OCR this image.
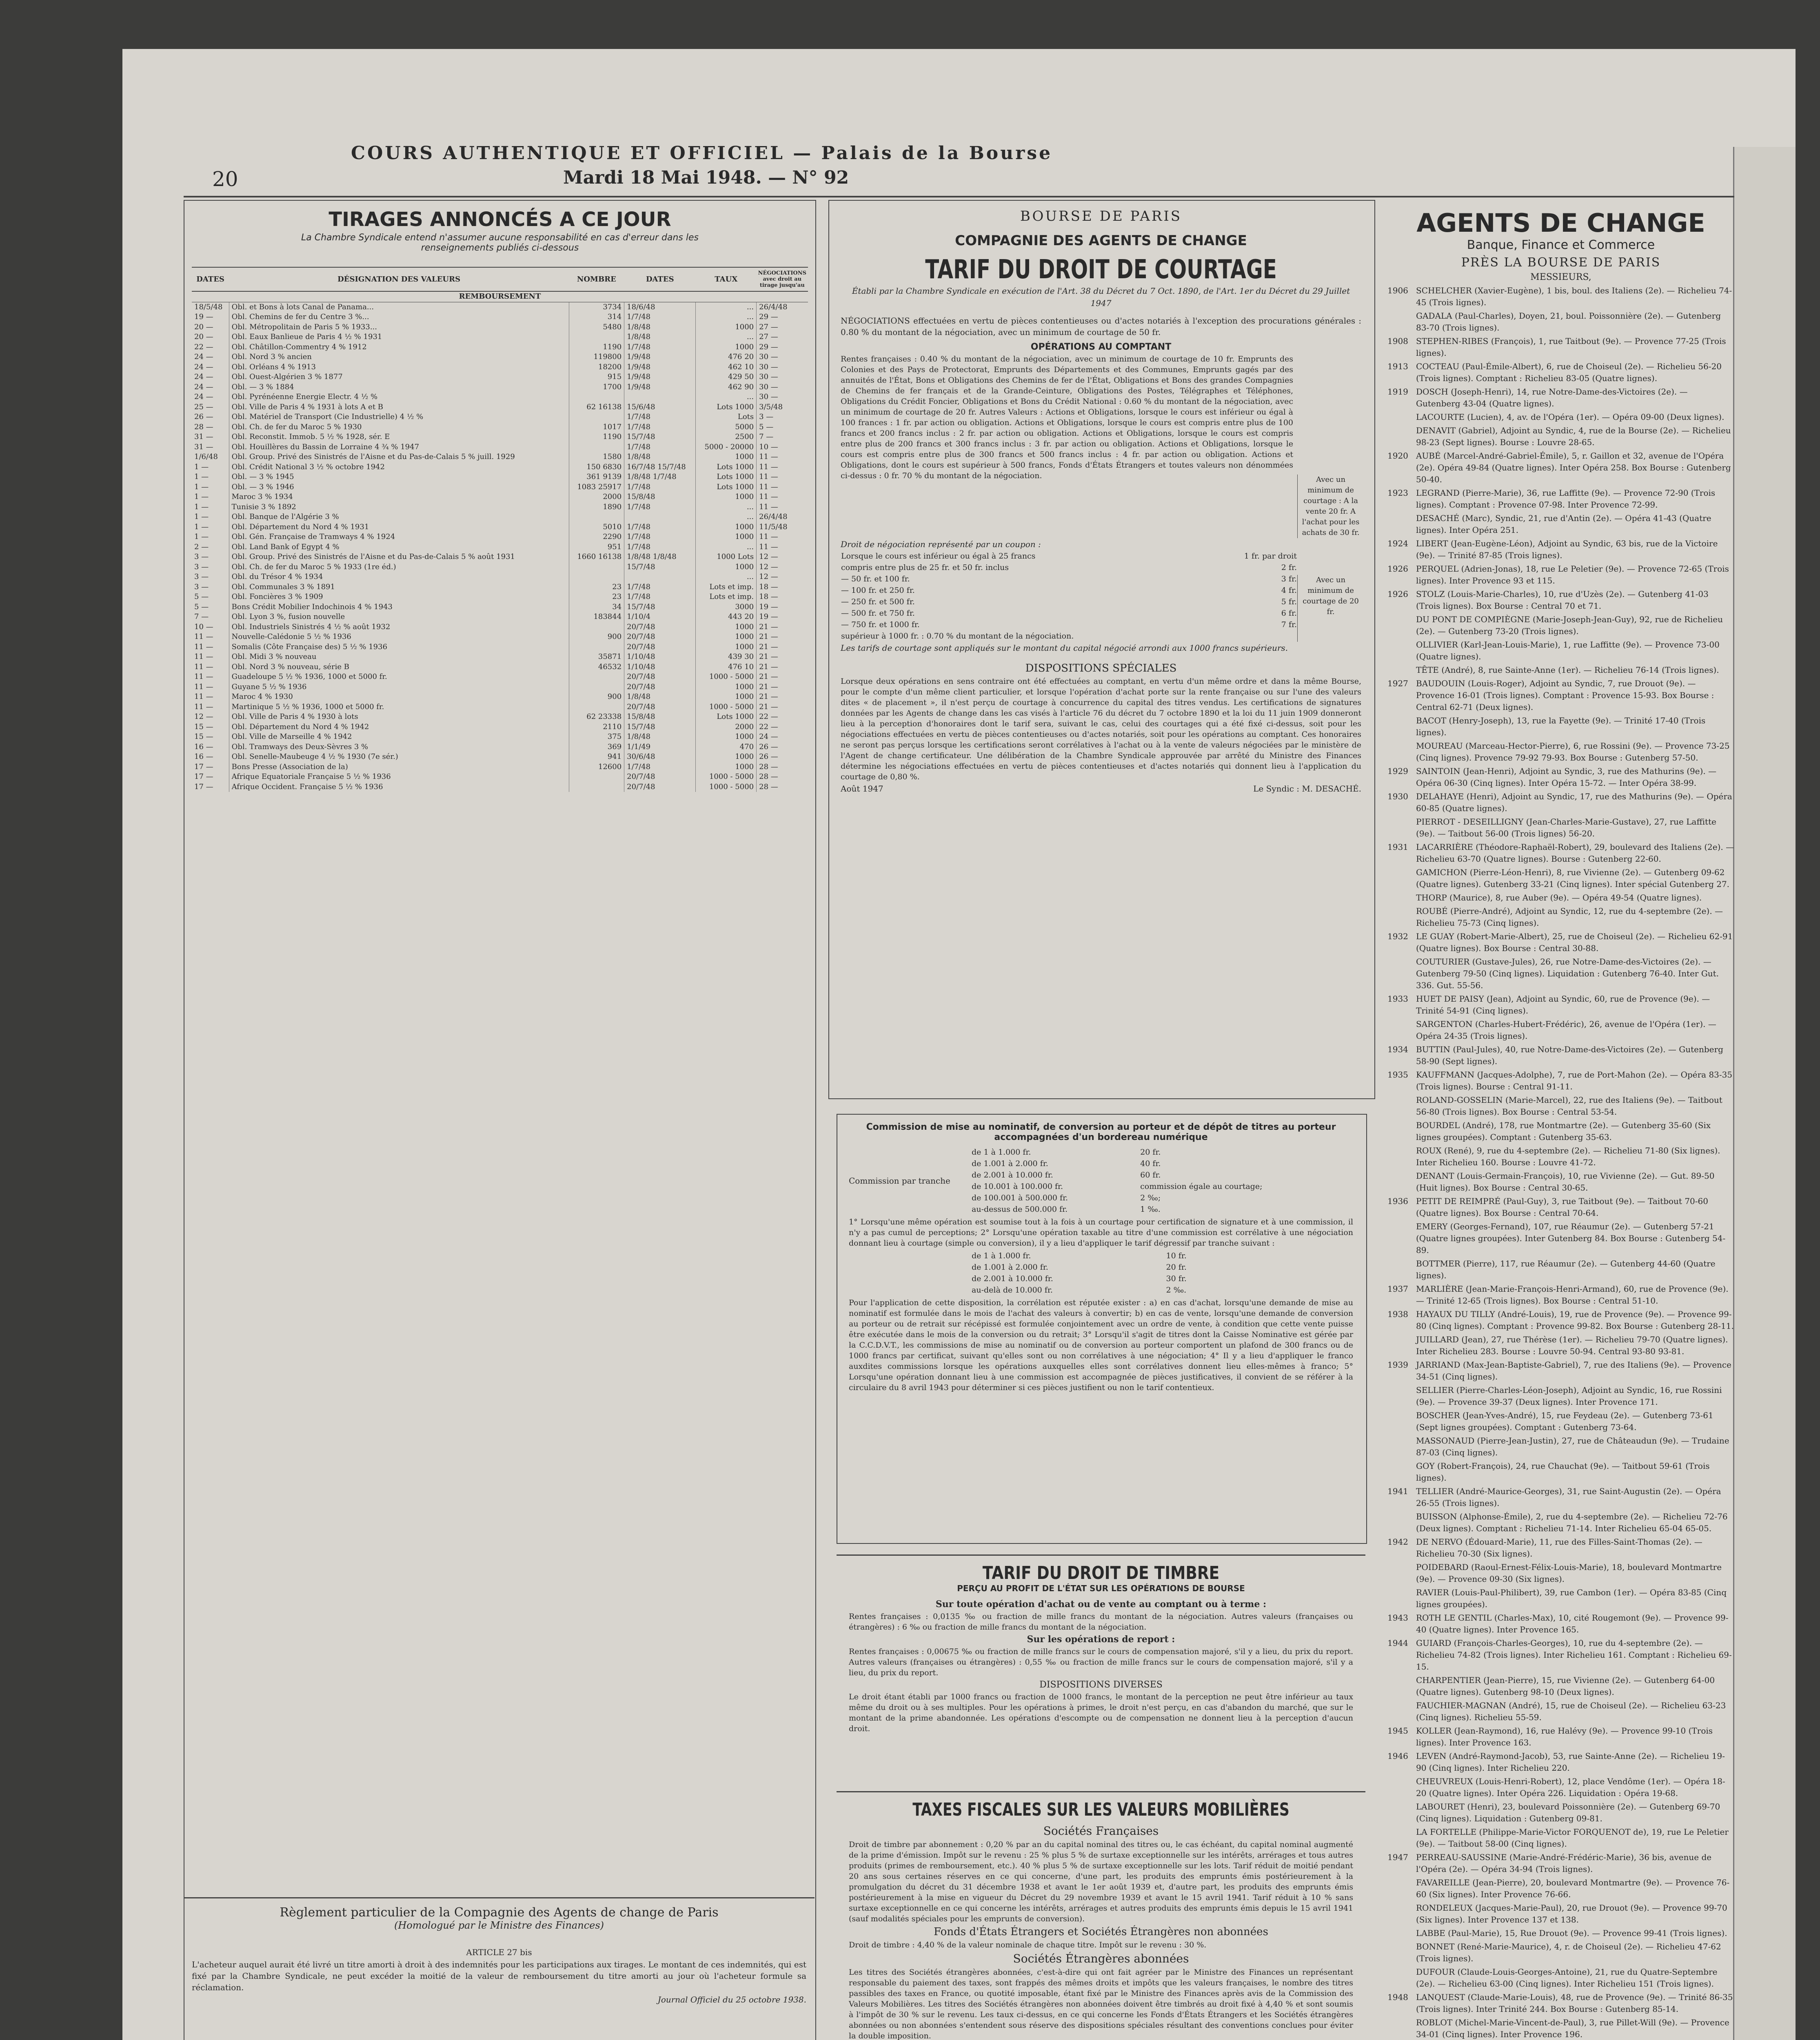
20
COURS AUTHENTIQUE ET OFFICIEL — Palais de la Bourse
Mardi 18 Mai 1948. — N° 92
TIRAGES ANNONCÉS A CE JOUR
La Chambre Syndicale entend n'assumer aucune responsabilité en cas d'erreur dans les renseignements publiés ci-dessous
DATES	DÉSIGNATION DES VALEURS	NOMBRE	DATES	TAUX	NÉGOCIATIONS avec droit au tirage jusqu'au
REMBOURSEMENT					
18/5/48	Obl. et Bons à lots Canal de Panama...	3734	18/6/48	...	26/4/48
19 —	Obl. Chemins de fer du Centre 3 %...	314	1/7/48	...	29 —
20 —	Obl. Métropolitain de Paris 5 % 1933...	5480	1/8/48	1000	27 —
20 —	Obl. Eaux Banlieue de Paris 4 ½ % 1931		1/8/48	...	27 —
22 —	Obl. Châtillon-Commentry 4 % 1912	1190	1/7/48	1000	29 —
24 —	Obl. Nord 3 % ancien	119800	1/9/48	476 20	30 —
24 —	Obl. Orléans 4 % 1913	18200	1/9/48	462 10	30 —
24 —	Obl. Ouest-Algérien 3 % 1877	915	1/9/48	429 50	30 —
24 —	Obl. — 3 % 1884	1700	1/9/48	462 90	30 —
24 —	Obl. Pyrénéenne Energie Electr. 4 ½ %			...	30 —
25 —	Obl. Ville de Paris 4 % 1931 à lots A et B	62 16138	15/6/48	Lots 1000	3/5/48
26 —	Obl. Matériel de Transport (Cie Industrielle) 4 ½ %		1/7/48	Lots	3 —
28 —	Obl. Ch. de fer du Maroc 5 % 1930	1017	1/7/48	5000	5 —
31 —	Obl. Reconstit. Immob. 5 ½ % 1928, sér. E	1190	15/7/48	2500	7 —
31 —	Obl. Houillères du Bassin de Lorraine 4 ¾ % 1947		1/7/48	5000 - 20000	10 —
1/6/48	Obl. Group. Privé des Sinistrés de l'Aisne et du Pas-de-Calais 5 % juill. 1929	1580	1/8/48	1000	11 —
1 —	Obl. Crédit National 3 ½ % octobre 1942	150 6830	16/7/48 15/7/48	Lots 1000	11 —
1 —	Obl. — 3 % 1945	361 9139	1/8/48 1/7/48	Lots 1000	11 —
1 —	Obl. — 3 % 1946	1083 25917	1/7/48	Lots 1000	11 —
1 —	Maroc 3 % 1934	2000	15/8/48	1000	11 —
1 —	Tunisie 3 % 1892	1890	1/7/48	...	11 —
1 —	Obl. Banque de l'Algérie 3 %			...	26/4/48
1 —	Obl. Département du Nord 4 % 1931	5010	1/7/48	1000	11/5/48
1 —	Obl. Gén. Française de Tramways 4 % 1924	2290	1/7/48	1000	11 —
2 —	Obl. Land Bank of Egypt 4 %	951	1/7/48	...	11 —
3 —	Obl. Group. Privé des Sinistrés de l'Aisne et du Pas-de-Calais 5 % août 1931	1660 16138	1/8/48 1/8/48	1000 Lots	12 —
3 —	Obl. Ch. de fer du Maroc 5 % 1933 (1re éd.)		15/7/48	1000	12 —
3 —	Obl. du Trésor 4 % 1934			...	12 —
3 —	Obl. Communales 3 % 1891	23	1/7/48	Lots et imp.	18 —
5 —	Obl. Foncières 3 % 1909	23	1/7/48	Lots et imp.	18 —
5 —	Bons Crédit Mobilier Indochinois 4 % 1943	34	15/7/48	3000	19 —
7 —	Obl. Lyon 3 %, fusion nouvelle	183844	1/10/4	443 20	19 —
10 —	Obl. Industriels Sinistrés 4 ½ % août 1932		20/7/48	1000	21 —
11 —	Nouvelle-Calédonie 5 ½ % 1936	900	20/7/48	1000	21 —
11 —	Somalis (Côte Française des) 5 ½ % 1936		20/7/48	1000	21 —
11 —	Obl. Midi 3 % nouveau	35871	1/10/48	439 30	21 —
11 —	Obl. Nord 3 % nouveau, série B	46532	1/10/48	476 10	21 —
11 —	Guadeloupe 5 ½ % 1936, 1000 et 5000 fr.		20/7/48	1000 - 5000	21 —
11 —	Guyane 5 ½ % 1936		20/7/48	1000	21 —
11 —	Maroc 4 % 1930	900	1/8/48	1000	21 —
11 —	Martinique 5 ½ % 1936, 1000 et 5000 fr.		20/7/48	1000 - 5000	21 —
12 —	Obl. Ville de Paris 4 % 1930 à lots	62 23338	15/8/48	Lots 1000	22 —
15 —	Obl. Département du Nord 4 % 1942	2110	15/7/48	2000	22 —
15 —	Obl. Ville de Marseille 4 % 1942	375	1/8/48	1000	24 —
16 —	Obl. Tramways des Deux-Sèvres 3 %	369	1/1/49	470	26 —
16 —	Obl. Senelle-Maubeuge 4 ½ % 1930 (7e sér.)	941	30/6/48	1000	26 —
17 —	Bons Presse (Association de la)	12600	1/7/48	1000	28 —
17 —	Afrique Equatoriale Française 5 ½ % 1936		20/7/48	1000 - 5000	28 —
17 —	Afrique Occident. Française 5 ½ % 1936		20/7/48	1000 - 5000	28 —
Règlement particulier de la Compagnie des Agents de change de Paris
(Homologué par le Ministre des Finances)
ARTICLE 27 bis
L'acheteur auquel aurait été livré un titre amorti à droit à des indemnités pour les participations aux tirages. Le montant de ces indemnités, qui est fixé par la Chambre Syndicale, ne peut excéder la moitié de la valeur de remboursement du titre amorti au jour où l'acheteur formule sa réclamation.
Journal Officiel du 25 octobre 1938.
BOURSE DE PARIS
COMPAGNIE DES AGENTS DE CHANGE
TARIF DU DROIT DE COURTAGE
Établi par la Chambre Syndicale en exécution de l'Art. 38 du Décret du 7 Oct. 1890, de l'Art. 1er du Décret du 29 Juillet 1947
NÉGOCIATIONS effectuées en vertu de pièces contentieuses ou d'actes notariés à l'exception des procurations générales : 0.80 % du montant de la négociation, avec un minimum de courtage de 50 fr.
OPÉRATIONS AU COMPTANT
Rentes françaises : 0.40 % du montant de la négociation, avec un minimum de courtage de 10 fr. Emprunts des Colonies et des Pays de Protectorat, Emprunts des Départements et des Communes, Emprunts gagés par des annuités de l'État, Bons et Obligations des Chemins de fer de l'État, Obligations et Bons des grandes Compagnies de Chemins de fer français et de la Grande-Ceinture, Obligations des Postes, Télégraphes et Téléphones, Obligations du Crédit Foncier, Obligations et Bons du Crédit National : 0.60 % du montant de la négociation, avec un minimum de courtage de 20 fr. Autres Valeurs : Actions et Obligations, lorsque le cours est inférieur ou égal à 100 frances : 1 fr. par action ou obligation. Actions et Obligations, lorsque le cours est compris entre plus de 100 francs et 200 francs inclus : 2 fr. par action ou obligation. Actions et Obligations, lorsque le cours est compris entre plus de 200 francs et 300 francs inclus : 3 fr. par action ou obligation. Actions et Obligations, lorsque le cours est compris entre plus de 300 francs et 500 francs inclus : 4 fr. par action ou obligation. Actions et Obligations, dont le cours est supérieur à 500 francs, Fonds d'États Étrangers et toutes valeurs non dénommées ci-dessus : 0 fr. 70 % du montant de la négociation.	Avec un minimum de courtage : A la vente 20 fr. A l'achat pour les achats de 30 fr.
Droit de négociation représenté par un coupon :
Lorsque le cours est inférieur ou égal à 25 francs	1 fr. par droit
compris entre plus de 25 fr. et 50 fr. inclus	2 fr.
— 50 fr. et 100 fr.	3 fr.
— 100 fr. et 250 fr.	4 fr.
— 250 fr. et 500 fr.	5 fr.
— 500 fr. et 750 fr.	6 fr.
— 750 fr. et 1000 fr.	7 fr.
supérieur à 1000 fr. : 0.70 % du montant de la négociation.	
Avec un minimum de courtage de 20 fr.
Les tarifs de courtage sont appliqués sur le montant du capital négocié arrondi aux 1000 francs supérieurs.
DISPOSITIONS SPÉCIALES
Lorsque deux opérations en sens contraire ont été effectuées au comptant, en vertu d'un même ordre et dans la même Bourse, pour le compte d'un même client particulier, et lorsque l'opération d'achat porte sur la rente française ou sur l'une des valeurs dites « de placement », il n'est perçu de courtage à concurrence du capital des titres vendus. Les certifications de signatures données par les Agents de change dans les cas visés à l'article 76 du décret du 7 octobre 1890 et la loi du 11 juin 1909 donneront lieu à la perception d'honoraires dont le tarif sera, suivant le cas, celui des courtages qui a été fixé ci-dessus, soit pour les négociations effectuées en vertu de pièces contentieuses ou d'actes notariés, soit pour les opérations au comptant. Ces honoraires ne seront pas perçus lorsque les certifications seront corrélatives à l'achat ou à la vente de valeurs négociées par le ministère de l'Agent de change certificateur. Une délibération de la Chambre Syndicale approuvée par arrêté du Ministre des Finances détermine les négociations effectuées en vertu de pièces contentieuses et d'actes notariés qui donnent lieu à l'application du courtage de 0,80 %.
Août 1947	Le Syndic : M. DESACHÉ.
Commission de mise au nominatif, de conversion au porteur et de dépôt de titres au porteur accompagnées d'un bordereau numérique
Commission par tranche
de 1 à 1.000 fr.	20 fr.
de 1.001 à 2.000 fr.	40 fr.
de 2.001 à 10.000 fr.	60 fr.
de 10.001 à 100.000 fr.	commission égale au courtage;
de 100.001 à 500.000 fr.	2 ‰;
au-dessus de 500.000 fr.	1 ‰.
1° Lorsqu'une même opération est soumise tout à la fois à un courtage pour certification de signature et à une commission, il n'y a pas cumul de perceptions; 2° Lorsqu'une opération taxable au titre d'une commission est corrélative à une négociation donnant lieu à courtage (simple ou conversion), il y a lieu d'appliquer le tarif dégressif par tranche suivant :
de 1 à 1.000 fr.	10 fr.
de 1.001 à 2.000 fr.	20 fr.
de 2.001 à 10.000 fr.	30 fr.
au-delà de 10.000 fr.	2 ‰.
Pour l'application de cette disposition, la corrélation est réputée exister : a) en cas d'achat, lorsqu'une demande de mise au nominatif est formulée dans le mois de l'achat des valeurs à convertir; b) en cas de vente, lorsqu'une demande de conversion au porteur ou de retrait sur récépissé est formulée conjointement avec un ordre de vente, à condition que cette vente puisse être exécutée dans le mois de la conversion ou du retrait; 3° Lorsqu'il s'agit de titres dont la Caisse Nominative est gérée par la C.C.D.V.T., les commissions de mise au nominatif ou de conversion au porteur comportent un plafond de 300 francs ou de 1000 francs par certificat, suivant qu'elles sont ou non corrélatives à une négociation; 4° Il y a lieu d'appliquer le franco auxdites commissions lorsque les opérations auxquelles elles sont corrélatives donnent lieu elles-mêmes à franco; 5° Lorsqu'une opération donnant lieu à une commission est accompagnée de pièces justificatives, il convient de se référer à la circulaire du 8 avril 1943 pour déterminer si ces pièces justifient ou non le tarif contentieux.
TARIF DU DROIT DE TIMBRE
PERÇU AU PROFIT DE L'ÉTAT SUR LES OPÉRATIONS DE BOURSE
Sur toute opération d'achat ou de vente au comptant ou à terme :
Rentes françaises : 0,0135 ‰ ou fraction de mille francs du montant de la négociation. Autres valeurs (françaises ou étrangères) : 6 ‰ ou fraction de mille francs du montant de la négociation.
Sur les opérations de report :
Rentes françaises : 0,00675 ‰ ou fraction de mille francs sur le cours de compensation majoré, s'il y a lieu, du prix du report. Autres valeurs (françaises ou étrangères) : 0,55 ‰ ou fraction de mille francs sur le cours de compensation majoré, s'il y a lieu, du prix du report.
DISPOSITIONS DIVERSES
Le droit étant établi par 1000 francs ou fraction de 1000 francs, le montant de la perception ne peut être inférieur au taux même du droit ou à ses multiples. Pour les opérations à primes, le droit n'est perçu, en cas d'abandon du marché, que sur le montant de la prime abandonnée. Les opérations d'escompte ou de compensation ne donnent lieu à la perception d'aucun droit.
TAXES FISCALES SUR LES VALEURS MOBILIÈRES
Sociétés Françaises
Droit de timbre par abonnement : 0,20 % par an du capital nominal des titres ou, le cas échéant, du capital nominal augmenté de la prime d'émission. Impôt sur le revenu : 25 % plus 5 % de surtaxe exceptionnelle sur les intérêts, arrérages et tous autres produits (primes de remboursement, etc.). 40 % plus 5 % de surtaxe exceptionnelle sur les lots. Tarif réduit de moitié pendant 20 ans sous certaines réserves en ce qui concerne, d'une part, les produits des emprunts émis postérieurement à la promulgation du décret du 31 décembre 1938 et avant le 1er août 1939 et, d'autre part, les produits des emprunts émis postérieurement à la mise en vigueur du Décret du 29 novembre 1939 et avant le 15 avril 1941. Tarif réduit à 10 % sans surtaxe exceptionnelle en ce qui concerne les intérêts, arrérages et autres produits des emprunts émis depuis le 15 avril 1941 (sauf modalités spéciales pour les emprunts de conversion).
Fonds d'États Étrangers et Sociétés Étrangères non abonnées
Droit de timbre : 4,40 % de la valeur nominale de chaque titre. Impôt sur le revenu : 30 %.
Sociétés Étrangères abonnées
Les titres des Sociétés étrangères abonnées, c'est-à-dire qui ont fait agréer par le Ministre des Finances un représentant responsable du paiement des taxes, sont frappés des mêmes droits et impôts que les valeurs françaises, le nombre des titres passibles des taxes en France, ou quotité imposable, étant fixé par le Ministre des Finances après avis de la Commission des Valeurs Mobilières. Les titres des Sociétés étrangères non abonnées doivent être timbrés au droit fixé à 4,40 % et sont soumis à l'impôt de 30 % sur le revenu. Les taux ci-dessus, en ce qui concerne les Fonds d'États Étrangers et les Sociétés étrangères abonnées ou non abonnées s'entendent sous réserve des dispositions spéciales résultant des conventions conclues pour éviter la double imposition.
AGENTS DE CHANGE
Banque, Finance et Commerce
PRÈS LA BOURSE DE PARIS
MESSIEURS,
1906 SCHELCHER (Xavier-Eugène), 1 bis, boul. des Italiens (2e). — Richelieu 74-45 (Trois lignes).
GADALA (Paul-Charles), Doyen, 21, boul. Poissonnière (2e). — Gutenberg 83-70 (Trois lignes).
1908 STEPHEN-RIBES (François), 1, rue Taitbout (9e). — Provence 77-25 (Trois lignes).
1913 COCTEAU (Paul-Émile-Albert), 6, rue de Choiseul (2e). — Richelieu 56-20 (Trois lignes). Comptant : Richelieu 83-05 (Quatre lignes).
1919 DOSCH (Joseph-Henri), 14, rue Notre-Dame-des-Victoires (2e). — Gutenberg 43-04 (Quatre lignes).
LACOURTE (Lucien), 4, av. de l'Opéra (1er). — Opéra 09-00 (Deux lignes).
DENAVIT (Gabriel), Adjoint au Syndic, 4, rue de la Bourse (2e). — Richelieu 98-23 (Sept lignes). Bourse : Louvre 28-65.
1920 AUBÉ (Marcel-André-Gabriel-Émile), 5, r. Gaillon et 32, avenue de l'Opéra (2e). Opéra 49-84 (Quatre lignes). Inter Opéra 258. Box Bourse : Gutenberg 50-40.
1923 LEGRAND (Pierre-Marie), 36, rue Laffitte (9e). — Provence 72-90 (Trois lignes). Comptant : Provence 07-98. Inter Provence 72-99.
DESACHÉ (Marc), Syndic, 21, rue d'Antin (2e). — Opéra 41-43 (Quatre lignes). Inter Opéra 251.
1924 LIBERT (Jean-Eugène-Léon), Adjoint au Syndic, 63 bis, rue de la Victoire (9e). — Trinité 87-85 (Trois lignes).
1926 PERQUEL (Adrien-Jonas), 18, rue Le Peletier (9e). — Provence 72-65 (Trois lignes). Inter Provence 93 et 115.
1926 STOLZ (Louis-Marie-Charles), 10, rue d'Uzès (2e). — Gutenberg 41-03 (Trois lignes). Box Bourse : Central 70 et 71.
DU PONT DE COMPIÈGNE (Marie-Joseph-Jean-Guy), 92, rue de Richelieu (2e). — Gutenberg 73-20 (Trois lignes).
OLLIVIER (Karl-Jean-Louis-Marie), 1, rue Laffitte (9e). — Provence 73-00 (Quatre lignes).
TÊTE (André), 8, rue Sainte-Anne (1er). — Richelieu 76-14 (Trois lignes).
1927 BAUDOUIN (Louis-Roger), Adjoint au Syndic, 7, rue Drouot (9e). — Provence 16-01 (Trois lignes). Comptant : Provence 15-93. Box Bourse : Central 62-71 (Deux lignes).
BACOT (Henry-Joseph), 13, rue la Fayette (9e). — Trinité 17-40 (Trois lignes).
MOUREAU (Marceau-Hector-Pierre), 6, rue Rossini (9e). — Provence 73-25 (Cinq lignes). Provence 79-92 79-93. Box Bourse : Gutenberg 57-50.
1929 SAINTOIN (Jean-Henri), Adjoint au Syndic, 3, rue des Mathurins (9e). — Opéra 06-30 (Cinq lignes). Inter Opéra 15-72. — Inter Opéra 38-99.
1930 DELAHAYE (Henri), Adjoint au Syndic, 17, rue des Mathurins (9e). — Opéra 60-85 (Quatre lignes).
PIERROT - DESEILLIGNY (Jean-Charles-Marie-Gustave), 27, rue Laffitte (9e). — Taitbout 56-00 (Trois lignes) 56-20.
1931 LACARRIÈRE (Théodore-Raphaël-Robert), 29, boulevard des Italiens (2e). — Richelieu 63-70 (Quatre lignes). Bourse : Gutenberg 22-60.
GAMICHON (Pierre-Léon-Henri), 8, rue Vivienne (2e). — Gutenberg 09-62 (Quatre lignes). Gutenberg 33-21 (Cinq lignes). Inter spécial Gutenberg 27.
THORP (Maurice), 8, rue Auber (9e). — Opéra 49-54 (Quatre lignes).
ROUBÉ (Pierre-André), Adjoint au Syndic, 12, rue du 4-septembre (2e). — Richelieu 75-73 (Cinq lignes).
1932 LE GUAY (Robert-Marie-Albert), 25, rue de Choiseul (2e). — Richelieu 62-91 (Quatre lignes). Box Bourse : Central 30-88.
COUTURIER (Gustave-Jules), 26, rue Notre-Dame-des-Victoires (2e). — Gutenberg 79-50 (Cinq lignes). Liquidation : Gutenberg 76-40. Inter Gut. 336. Gut. 55-56.
1933 HUET DE PAISY (Jean), Adjoint au Syndic, 60, rue de Provence (9e). — Trinité 54-91 (Cinq lignes).
SARGENTON (Charles-Hubert-Frédéric), 26, avenue de l'Opéra (1er). — Opéra 24-35 (Trois lignes).
1934 BUTTIN (Paul-Jules), 40, rue Notre-Dame-des-Victoires (2e). — Gutenberg 58-90 (Sept lignes).
1935 KAUFFMANN (Jacques-Adolphe), 7, rue de Port-Mahon (2e). — Opéra 83-35 (Trois lignes). Bourse : Central 91-11.
ROLAND-GOSSELIN (Marie-Marcel), 22, rue des Italiens (9e). — Taitbout 56-80 (Trois lignes). Box Bourse : Central 53-54.
BOURDEL (André), 178, rue Montmartre (2e). — Gutenberg 35-60 (Six lignes groupées). Comptant : Gutenberg 35-63.
ROUX (René), 9, rue du 4-septembre (2e). — Richelieu 71-80 (Six lignes). Inter Richelieu 160. Bourse : Louvre 41-72.
DENANT (Louis-Germain-François), 10, rue Vivienne (2e). — Gut. 89-50 (Huit lignes). Box Bourse : Central 30-65.
1936 PETIT DE REIMPRÉ (Paul-Guy), 3, rue Taitbout (9e). — Taitbout 70-60 (Quatre lignes). Box Bourse : Central 70-64.
EMERY (Georges-Fernand), 107, rue Réaumur (2e). — Gutenberg 57-21 (Quatre lignes groupées). Inter Gutenberg 84. Box Bourse : Gutenberg 54-89.
BOTTMER (Pierre), 117, rue Réaumur (2e). — Gutenberg 44-60 (Quatre lignes).
1937 MARLIÈRE (Jean-Marie-François-Henri-Armand), 60, rue de Provence (9e). — Trinité 12-65 (Trois lignes). Box Bourse : Central 51-10.
1938 HAYAUX DU TILLY (André-Louis), 19, rue de Provence (9e). — Provence 99-80 (Cinq lignes). Comptant : Provence 99-82. Box Bourse : Gutenberg 28-11.
JUILLARD (Jean), 27, rue Thérèse (1er). — Richelieu 79-70 (Quatre lignes). Inter Richelieu 283. Bourse : Louvre 50-94. Central 93-80 93-81.
1939 JARRIAND (Max-Jean-Baptiste-Gabriel), 7, rue des Italiens (9e). — Provence 34-51 (Cinq lignes).
SELLIER (Pierre-Charles-Léon-Joseph), Adjoint au Syndic, 16, rue Rossini (9e). — Provence 39-37 (Deux lignes). Inter Provence 171.
BOSCHER (Jean-Yves-André), 15, rue Feydeau (2e). — Gutenberg 73-61 (Sept lignes groupées). Comptant : Gutenberg 73-64.
MASSONAUD (Pierre-Jean-Justin), 27, rue de Châteaudun (9e). — Trudaine 87-03 (Cinq lignes).
GOY (Robert-François), 24, rue Chauchat (9e). — Taitbout 59-61 (Trois lignes).
1941 TELLIER (André-Maurice-Georges), 31, rue Saint-Augustin (2e). — Opéra 26-55 (Trois lignes).
BUISSON (Alphonse-Émile), 2, rue du 4-septembre (2e). — Richelieu 72-76 (Deux lignes). Comptant : Richelieu 71-14. Inter Richelieu 65-04 65-05.
1942 DE NERVO (Édouard-Marie), 11, rue des Filles-Saint-Thomas (2e). — Richelieu 70-30 (Six lignes).
POIDEBARD (Raoul-Ernest-Félix-Louis-Marie), 18, boulevard Montmartre (9e). — Provence 09-30 (Six lignes).
RAVIER (Louis-Paul-Philibert), 39, rue Cambon (1er). — Opéra 83-85 (Cinq lignes groupées).
1943 ROTH LE GENTIL (Charles-Max), 10, cité Rougemont (9e). — Provence 99-40 (Quatre lignes). Inter Provence 165.
1944 GUIARD (François-Charles-Georges), 10, rue du 4-septembre (2e). — Richelieu 74-82 (Trois lignes). Inter Richelieu 161. Comptant : Richelieu 69-15.
CHARPENTIER (Jean-Pierre), 15, rue Vivienne (2e). — Gutenberg 64-00 (Quatre lignes). Gutenberg 98-10 (Deux lignes).
FAUCHIER-MAGNAN (André), 15, rue de Choiseul (2e). — Richelieu 63-23 (Cinq lignes). Richelieu 55-59.
1945 KOLLER (Jean-Raymond), 16, rue Halévy (9e). — Provence 99-10 (Trois lignes). Inter Provence 163.
1946 LEVEN (André-Raymond-Jacob), 53, rue Sainte-Anne (2e). — Richelieu 19-90 (Cinq lignes). Inter Richelieu 220.
CHEUVREUX (Louis-Henri-Robert), 12, place Vendôme (1er). — Opéra 18-20 (Quatre lignes). Inter Opéra 226. Liquidation : Opéra 19-68.
LABOURET (Henri), 23, boulevard Poissonnière (2e). — Gutenberg 69-70 (Cinq lignes). Liquidation : Gutenberg 09-81.
LA FORTELLE (Philippe-Marie-Victor FORQUENOT de), 19, rue Le Peletier (9e). — Taitbout 58-00 (Cinq lignes).
1947 PERREAU-SAUSSINE (Marie-André-Frédéric-Marie), 36 bis, avenue de l'Opéra (2e). — Opéra 34-94 (Trois lignes).
FAVAREILLE (Jean-Pierre), 20, boulevard Montmartre (9e). — Provence 76-60 (Six lignes). Inter Provence 76-66.
RONDELEUX (Jacques-Marie-Paul), 20, rue Drouot (9e). — Provence 99-70 (Six lignes). Inter Provence 137 et 138.
LABBE (Paul-Marie), 15, Rue Drouot (9e). — Provence 99-41 (Trois lignes).
BONNET (René-Marie-Maurice), 4, r. de Choiseul (2e). — Richelieu 47-62 (Trois lignes).
DUFOUR (Claude-Louis-Georges-Antoine), 21, rue du Quatre-Septembre (2e). — Richelieu 63-00 (Cinq lignes). Inter Richelieu 151 (Trois lignes).
1948 LANQUEST (Claude-Marie-Louis), 48, rue de Provence (9e). — Trinité 86-35 (Trois lignes). Inter Trinité 244. Box Bourse : Gutenberg 85-14.
ROBLOT (Michel-Marie-Vincent-de-Paul), 3, rue Pillet-Will (9e). — Provence 34-01 (Cinq lignes). Inter Provence 196.
